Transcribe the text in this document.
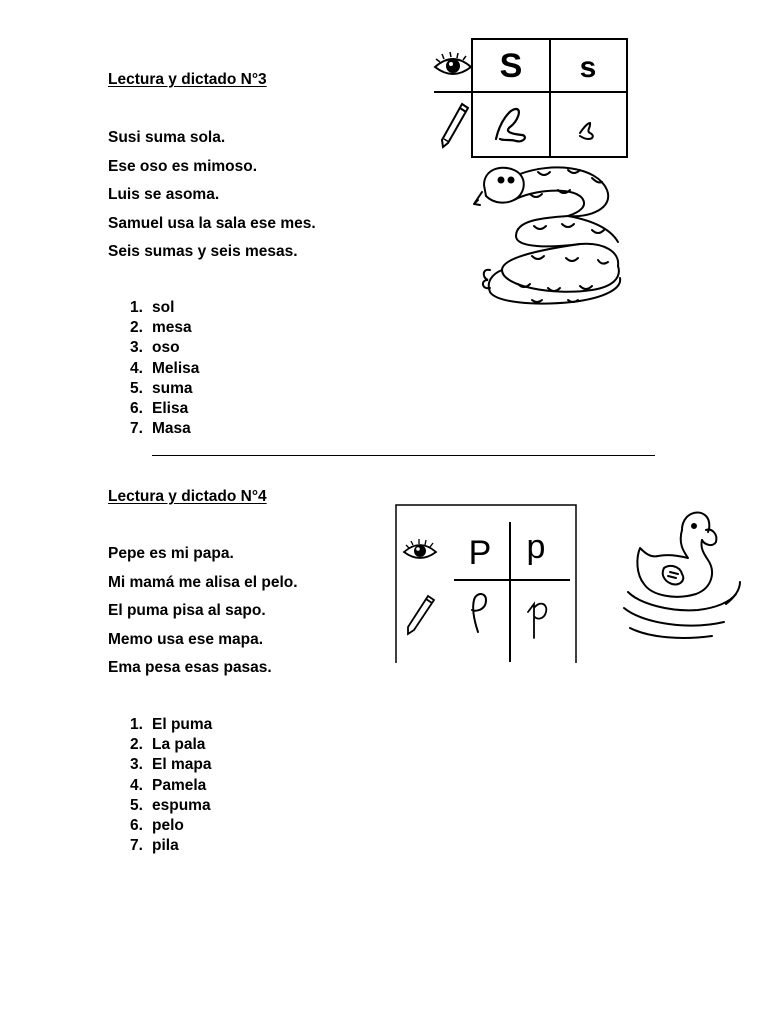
Lectura y dictado N°3
Susi suma sola.
Ese oso es mimoso.
Luis se asoma.
Samuel usa la sala ese mes.
Seis sumas y seis mesas.
1. sol
2. mesa
3. oso
4. Melisa
5. suma
6. Elisa
7. Masa
S s
Lectura y dictado N°4
Pepe es mi papa.
Mi mamá me alisa el pelo.
El puma pisa al sapo.
Memo usa ese mapa.
Ema pesa esas pasas.
1. El puma
2. La pala
3. El mapa
4. Pamela
5. espuma
6. pelo
7. pila
P p
